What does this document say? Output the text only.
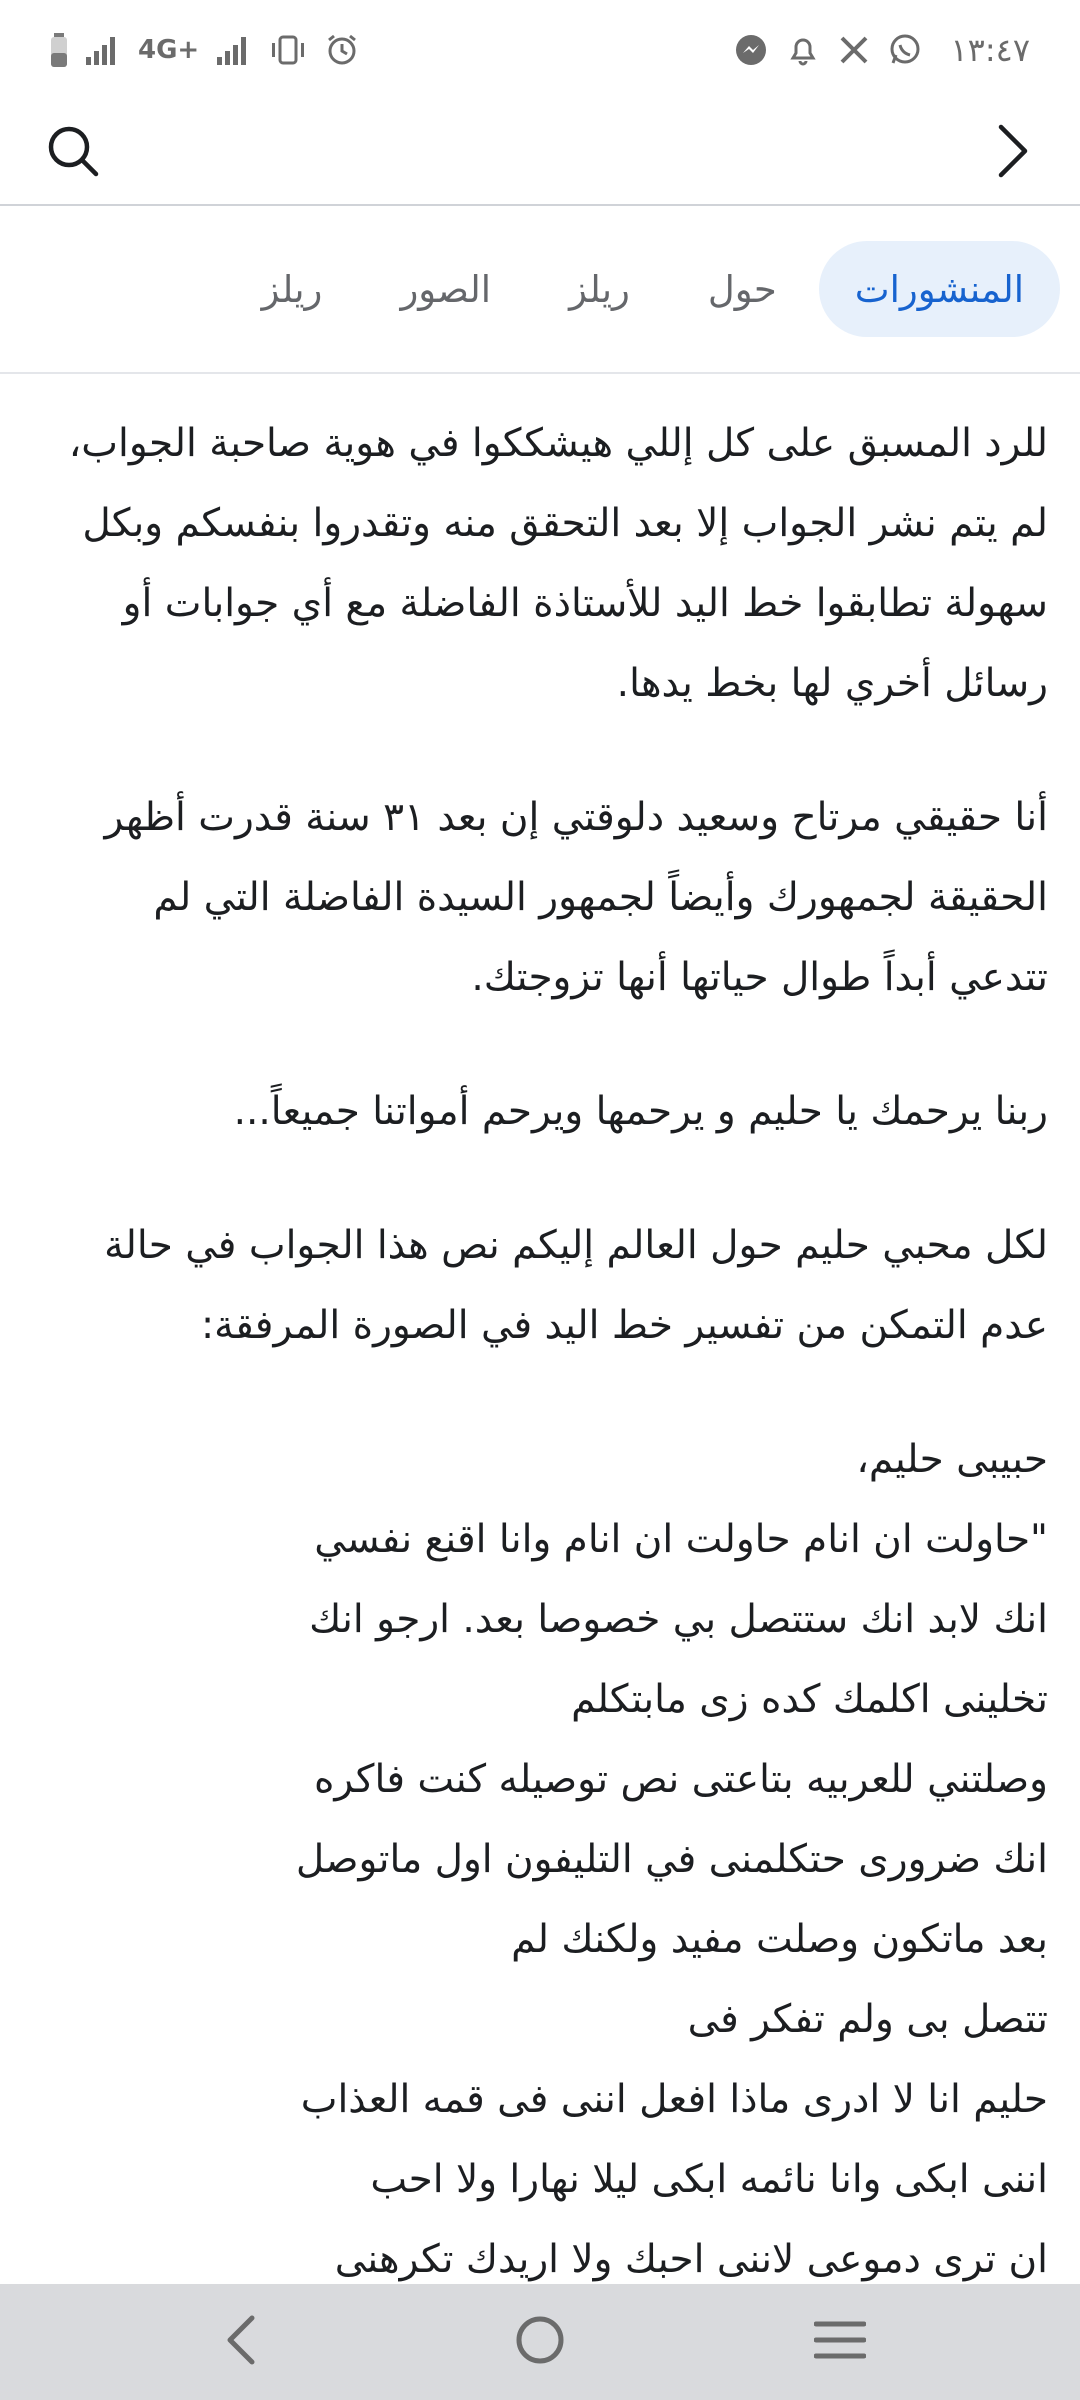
4G+	١٣:٤٧
المنشورات
حول
ريلز
الصور
ريلز

للرد المسبق على كل إللي هيشككوا في هوية صاحبة الجواب، لم يتم نشر الجواب إلا بعد التحقق منه وتقدروا بنفسكم وبكل سهولة تطابقوا خط اليد للأستاذة الفاضلة مع أي جوابات أو رسائل أخري لها بخط يدها.

أنا حقيقي مرتاح وسعيد دلوقتي إن بعد ٣١ سنة قدرت أظهر الحقيقة لجمهورك وأيضاً لجمهور السيدة الفاضلة التي لم تتدعي أبداً طوال حياتها أنها تزوجتك.

ربنا يرحمك يا حليم و يرحمها ويرحم أمواتنا جميعاً...

لكل محبي حليم حول العالم إليكم نص هذا الجواب في حالة عدم التمكن من تفسير خط اليد في الصورة المرفقة:

حبيبى حليم،
"حاولت ان انام حاولت ان انام وانا اقنع نفسي
انك لابد انك ستتصل بي خصوصا بعد. ارجو انك
تخلينى اكلمك كده زى مابتكلم
وصلتني للعربيه بتاعتى نص توصيله كنت فاكره
انك ضرورى حتكلمنى في التليفون اول ماتوصل
بعد ماتكون وصلت مفيد ولكنك لم
تتصل بى ولم تفكر فى
حليم انا لا ادرى ماذا افعل اننى فى قمه العذاب
اننى ابكى وانا نائمه ابكى ليلا نهارا ولا احب
ان ترى دموعى لاننى احبك ولا اريدك تكرهنى
